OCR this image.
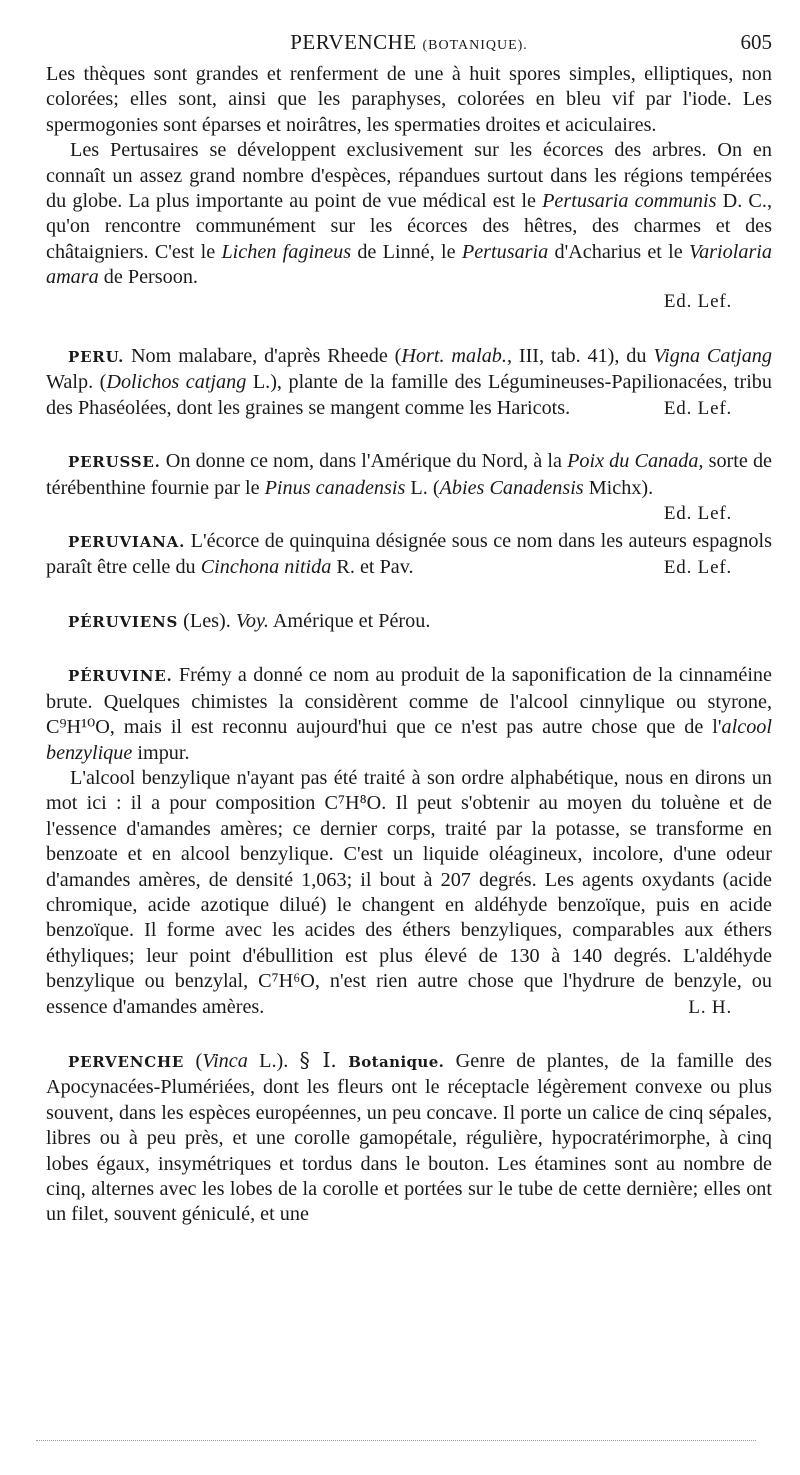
PERVENCHE (BOTANIQUE).	605

Les thèques sont grandes et renferment de une à huit spores simples, elliptiques, non colorées; elles sont, ainsi que les paraphyses, colorées en bleu vif par l'iode. Les spermogonies sont éparses et noirâtres, les spermaties droites et aciculaires.

Les Pertusaires se développent exclusivement sur les écorces des arbres. On en connaît un assez grand nombre d'espèces, répandues surtout dans les régions tempérées du globe. La plus importante au point de vue médical est le Pertusaria communis D. C., qu'on rencontre communément sur les écorces des hêtres, des charmes et des châtaigniers. C'est le Lichen fagineus de Linné, le Pertusaria d'Acharius et le Variolaria amara de Persoon.

Ed. Lef.

PERU. Nom malabare, d'après Rheede (Hort. malab., III, tab. 41), du Vigna Catjang Walp. (Dolichos catjang L.), plante de la famille des Légumineuses-Papilionacées, tribu des Phaséolées, dont les graines se mangent comme les Haricots.	Ed. Lef.

PERUSSE. On donne ce nom, dans l'Amérique du Nord, à la Poix du Canada, sorte de térébenthine fournie par le Pinus canadensis L. (Abies Canadensis Michx).
Ed. Lef.

PERUVIANA. L'écorce de quinquina désignée sous ce nom dans les auteurs espagnols paraît être celle du Cinchona nitida R. et Pav.	Ed. Lef.

PÉRUVIENS (Les). Voy. Amérique et Pérou.

PÉRUVINE. Frémy a donné ce nom au produit de la saponification de la cinnaméine brute. Quelques chimistes la considèrent comme de l'alcool cinnylique ou styrone, C⁹H¹⁰O, mais il est reconnu aujourd'hui que ce n'est pas autre chose que de l'alcool benzylique impur.

L'alcool benzylique n'ayant pas été traité à son ordre alphabétique, nous en dirons un mot ici : il a pour composition C⁷H⁸O. Il peut s'obtenir au moyen du toluène et de l'essence d'amandes amères; ce dernier corps, traité par la potasse, se transforme en benzoate et en alcool benzylique. C'est un liquide oléagineux, incolore, d'une odeur d'amandes amères, de densité 1,063; il bout à 207 degrés. Les agents oxydants (acide chromique, acide azotique dilué) le changent en aldéhyde benzoïque, puis en acide benzoïque. Il forme avec les acides des éthers benzyliques, comparables aux éthers éthyliques; leur point d'ébullition est plus élevé de 130 à 140 degrés. L'aldéhyde benzylique ou benzylal, C⁷H⁶O, n'est rien autre chose que l'hydrure de benzyle, ou essence d'amandes amères.	L. H.

PERVENCHE (Vinca L.). § I. Botanique. Genre de plantes, de la famille des Apocynacées-Plumériées, dont les fleurs ont le réceptacle légèrement convexe ou plus souvent, dans les espèces européennes, un peu concave. Il porte un calice de cinq sépales, libres ou à peu près, et une corolle gamopétale, régulière, hypocratérimorphe, à cinq lobes égaux, insymétriques et tordus dans le bouton. Les étamines sont au nombre de cinq, alternes avec les lobes de la corolle et portées sur le tube de cette dernière; elles ont un filet, souvent géniculé, et une
